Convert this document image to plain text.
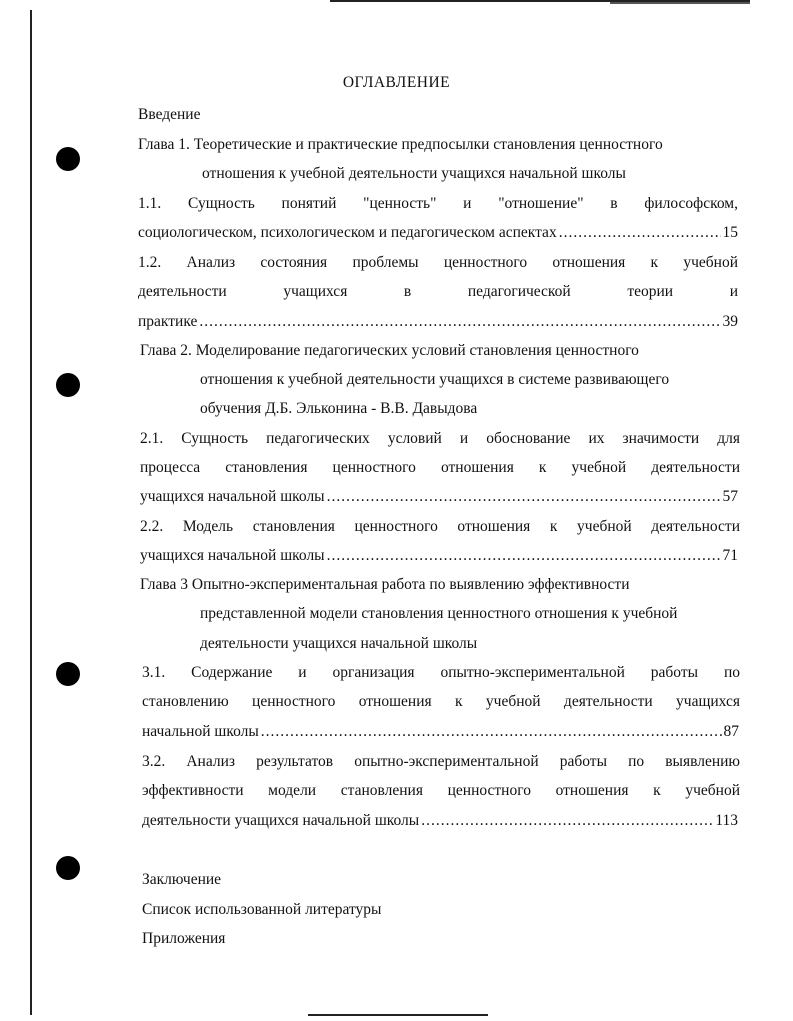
ОГЛАВЛЕНИЕ
Введение
Глава 1. Теоретические и практические предпосылки становления ценностного
отношения к учебной деятельности учащихся начальной школы
1.1. Сущность понятий "ценность" и "отношение" в философском,
социологическом, психологическом и педагогическом аспектах .....	15
1.2. Анализ состояния проблемы ценностного отношения к учебной
деятельности учащихся в педагогической теории и
практике .....	39
Глава 2. Моделирование педагогических условий становления ценностного
отношения к учебной деятельности учащихся в системе развивающего
обучения Д.Б. Эльконина - В.В. Давыдова
2.1. Сущность педагогических условий и обоснование их значимости для
процесса становления ценностного отношения к учебной деятельности
учащихся начальной школы .....	57
2.2. Модель становления ценностного отношения к учебной деятельности
учащихся начальной школы .....	71
Глава 3 Опытно-экспериментальная работа по выявлению эффективности
представленной модели становления ценностного отношения к учебной
деятельности учащихся начальной школы
3.1. Содержание и организация опытно-экспериментальной работы по
становлению ценностного отношения к учебной деятельности учащихся
начальной школы .....	87
3.2. Анализ результатов опытно-экспериментальной работы по выявлению
эффективности модели становления ценностного отношения к учебной
деятельности учащихся начальной школы .....	113
Заключение
Список использованной литературы
Приложения
